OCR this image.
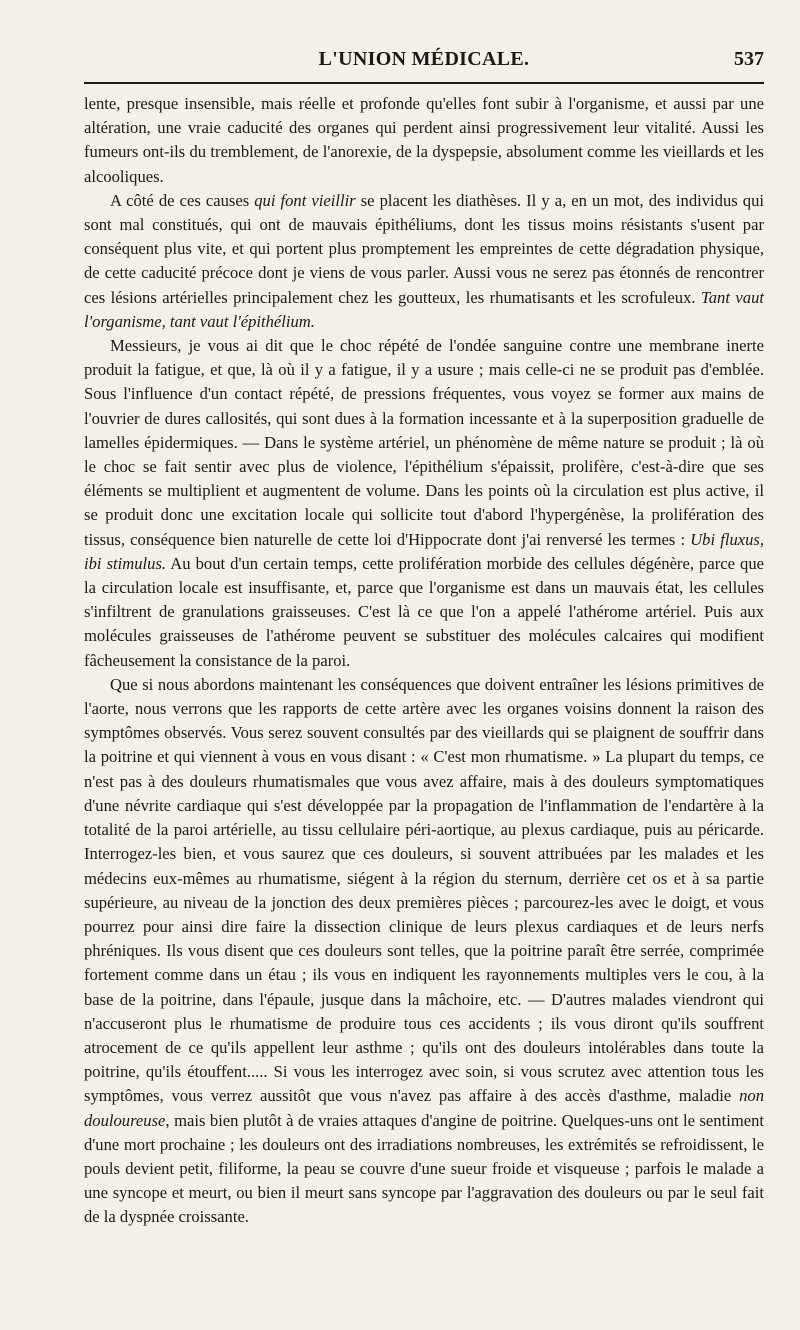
L'UNION MÉDICALE.	537

lente, presque insensible, mais réelle et profonde qu'elles font subir à l'organisme, et aussi par une altération, une vraie caducité des organes qui perdent ainsi progressivement leur vitalité. Aussi les fumeurs ont-ils du tremblement, de l'anorexie, de la dyspepsie, absolument comme les vieillards et les alcooliques.

A côté de ces causes qui font vieillir se placent les diathèses. Il y a, en un mot, des individus qui sont mal constitués, qui ont de mauvais épithéliums, dont les tissus moins résistants s'usent par conséquent plus vite, et qui portent plus promptement les empreintes de cette dégradation physique, de cette caducité précoce dont je viens de vous parler. Aussi vous ne serez pas étonnés de rencontrer ces lésions artérielles principalement chez les goutteux, les rhumatisants et les scrofuleux. Tant vaut l'organisme, tant vaut l'épithélium.

Messieurs, je vous ai dit que le choc répété de l'ondée sanguine contre une membrane inerte produit la fatigue, et que, là où il y a fatigue, il y a usure ; mais celle-ci ne se produit pas d'emblée. Sous l'influence d'un contact répété, de pressions fréquentes, vous voyez se former aux mains de l'ouvrier de dures callosités, qui sont dues à la formation incessante et à la superposition graduelle de lamelles épidermiques. — Dans le système artériel, un phénomène de même nature se produit ; là où le choc se fait sentir avec plus de violence, l'épithélium s'épaissit, prolifère, c'est-à-dire que ses éléments se multiplient et augmentent de volume. Dans les points où la circulation est plus active, il se produit donc une excitation locale qui sollicite tout d'abord l'hypergénèse, la prolifération des tissus, conséquence bien naturelle de cette loi d'Hippocrate dont j'ai renversé les termes : Ubi fluxus, ibi stimulus. Au bout d'un certain temps, cette prolifération morbide des cellules dégénère, parce que la circulation locale est insuffisante, et, parce que l'organisme est dans un mauvais état, les cellules s'infiltrent de granulations graisseuses. C'est là ce que l'on a appelé l'athérome artériel. Puis aux molécules graisseuses de l'athérome peuvent se substituer des molécules calcaires qui modifient fâcheusement la consistance de la paroi.

Que si nous abordons maintenant les conséquences que doivent entraîner les lésions primitives de l'aorte, nous verrons que les rapports de cette artère avec les organes voisins donnent la raison des symptômes observés. Vous serez souvent consultés par des vieillards qui se plaignent de souffrir dans la poitrine et qui viennent à vous en vous disant : « C'est mon rhumatisme. » La plupart du temps, ce n'est pas à des douleurs rhumatismales que vous avez affaire, mais à des douleurs symptomatiques d'une névrite cardiaque qui s'est développée par la propagation de l'inflammation de l'endartère à la totalité de la paroi artérielle, au tissu cellulaire péri-aortique, au plexus cardiaque, puis au péricarde. Interrogez-les bien, et vous saurez que ces douleurs, si souvent attribuées par les malades et les médecins eux-mêmes au rhumatisme, siégent à la région du sternum, derrière cet os et à sa partie supérieure, au niveau de la jonction des deux premières pièces ; parcourez-les avec le doigt, et vous pourrez pour ainsi dire faire la dissection clinique de leurs plexus cardiaques et de leurs nerfs phréniques. Ils vous disent que ces douleurs sont telles, que la poitrine paraît être serrée, comprimée fortement comme dans un étau ; ils vous en indiquent les rayonnements multiples vers le cou, à la base de la poitrine, dans l'épaule, jusque dans la mâchoire, etc. — D'autres malades viendront qui n'accuseront plus le rhumatisme de produire tous ces accidents ; ils vous diront qu'ils souffrent atrocement de ce qu'ils appellent leur asthme ; qu'ils ont des douleurs intolérables dans toute la poitrine, qu'ils étouffent..... Si vous les interrogez avec soin, si vous scrutez avec attention tous les symptômes, vous verrez aussitôt que vous n'avez pas affaire à des accès d'asthme, maladie non douloureuse, mais bien plutôt à de vraies attaques d'angine de poitrine. Quelques-uns ont le sentiment d'une mort prochaine ; les douleurs ont des irradiations nombreuses, les extrémités se refroidissent, le pouls devient petit, filiforme, la peau se couvre d'une sueur froide et visqueuse ; parfois le malade a une syncope et meurt, ou bien il meurt sans syncope par l'aggravation des douleurs ou par le seul fait de la dyspnée croissante.
